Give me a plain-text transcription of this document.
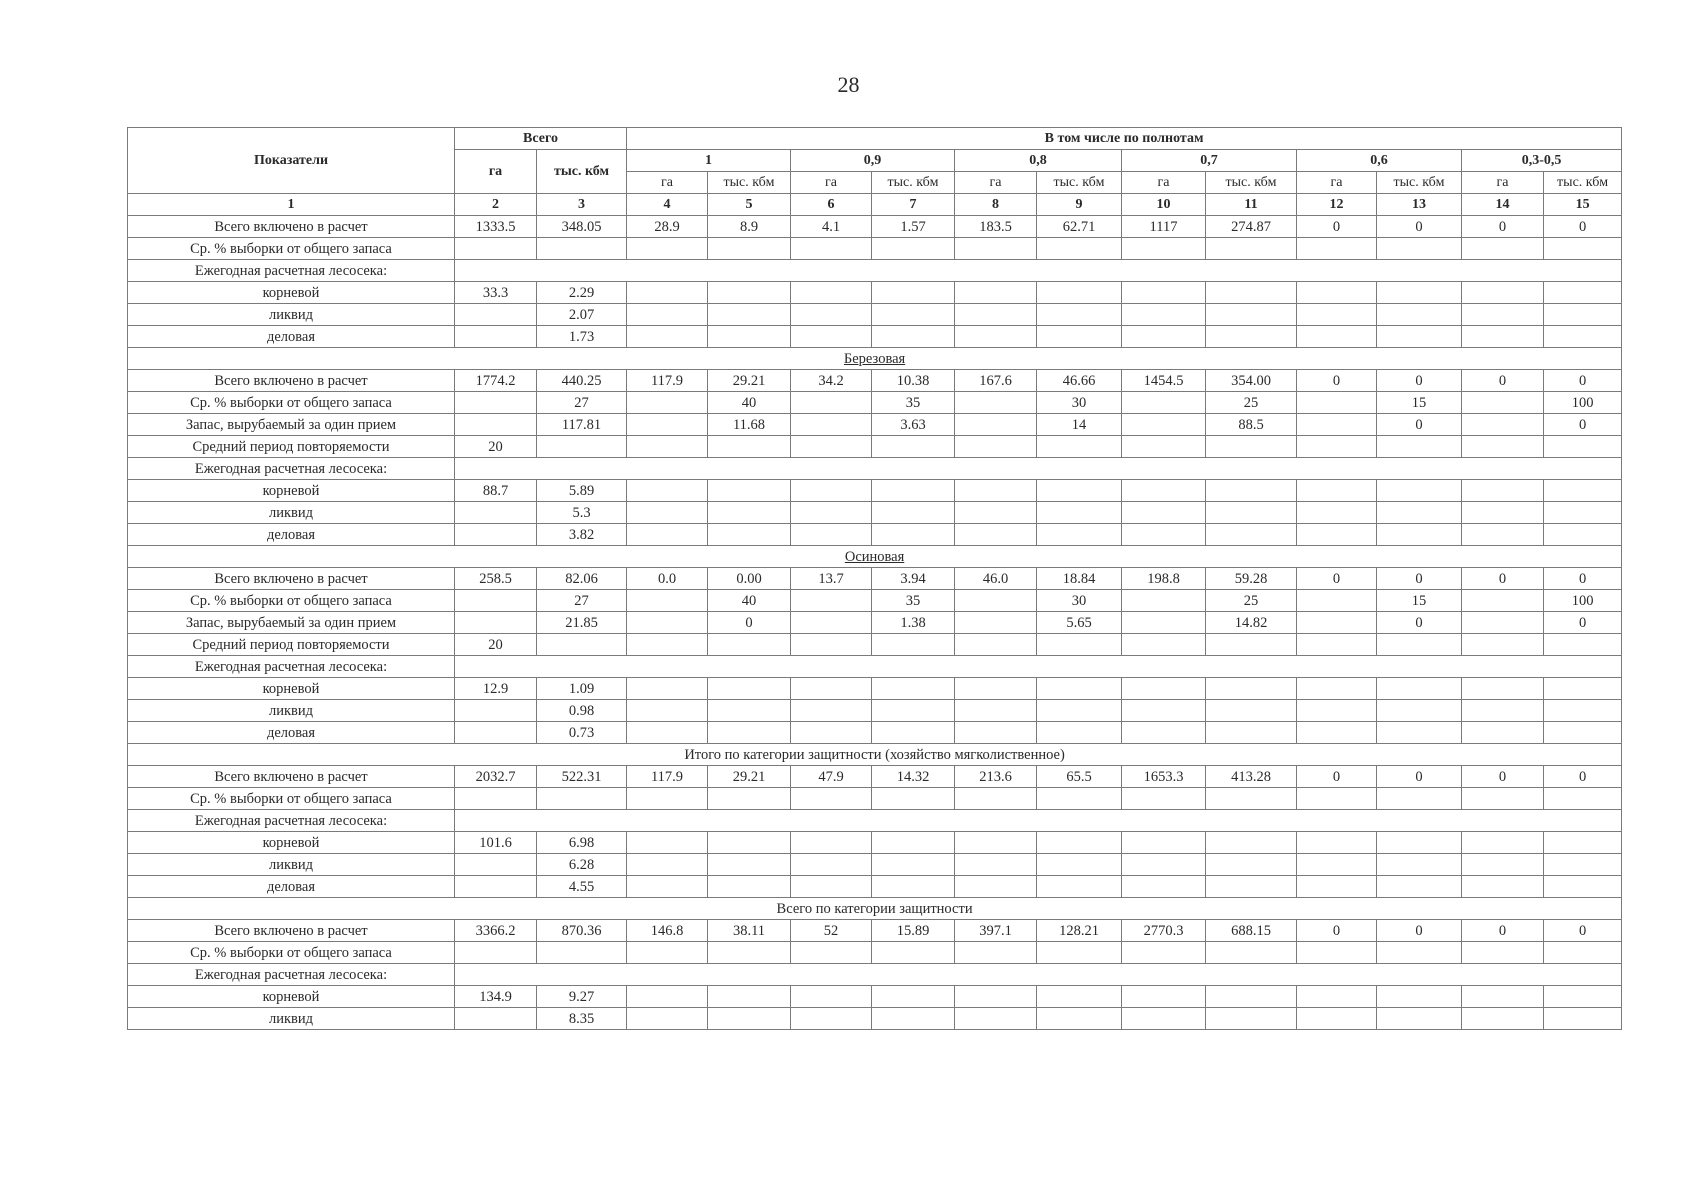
28
Показатели	Всего		В том числе по полнотам											
	га	тыс. кбм	1		0,9		0,8		0,7		0,6		0,3-0,5	
			га	тыс. кбм	га	тыс. кбм	га	тыс. кбм	га	тыс. кбм	га	тыс. кбм	га	тыс. кбм
1	2	3	4	5	6	7	8	9	10	11	12	13	14	15
Всего включено в расчет	1333.5	348.05	28.9	8.9	4.1	1.57	183.5	62.71	1117	274.87	0	0	0	0
Ср. % выборки от общего запаса														
Ежегодная расчетная лесосека:														
корневой	33.3	2.29												
ликвид		2.07												
деловая		1.73												
Березовая														
Всего включено в расчет	1774.2	440.25	117.9	29.21	34.2	10.38	167.6	46.66	1454.5	354.00	0	0	0	0
Ср. % выборки от общего запаса		27		40		35		30		25		15		100
Запас, вырубаемый за один прием		117.81		11.68		3.63		14		88.5		0		0
Средний период повторяемости	20													
Ежегодная расчетная лесосека:														
корневой	88.7	5.89												
ликвид		5.3												
деловая		3.82												
Осиновая														
Всего включено в расчет	258.5	82.06	0.0	0.00	13.7	3.94	46.0	18.84	198.8	59.28	0	0	0	0
Ср. % выборки от общего запаса		27		40		35		30		25		15		100
Запас, вырубаемый за один прием		21.85		0		1.38		5.65		14.82		0		0
Средний период повторяемости	20													
Ежегодная расчетная лесосека:														
корневой	12.9	1.09												
ликвид		0.98												
деловая		0.73												
Итого по категории защитности (хозяйство мягколиственное)														
Всего включено в расчет	2032.7	522.31	117.9	29.21	47.9	14.32	213.6	65.5	1653.3	413.28	0	0	0	0
Ср. % выборки от общего запаса														
Ежегодная расчетная лесосека:														
корневой	101.6	6.98												
ликвид		6.28												
деловая		4.55												
Всего по категории защитности														
Всего включено в расчет	3366.2	870.36	146.8	38.11	52	15.89	397.1	128.21	2770.3	688.15	0	0	0	0
Ср. % выборки от общего запаса														
Ежегодная расчетная лесосека:														
корневой	134.9	9.27												
ликвид		8.35												
